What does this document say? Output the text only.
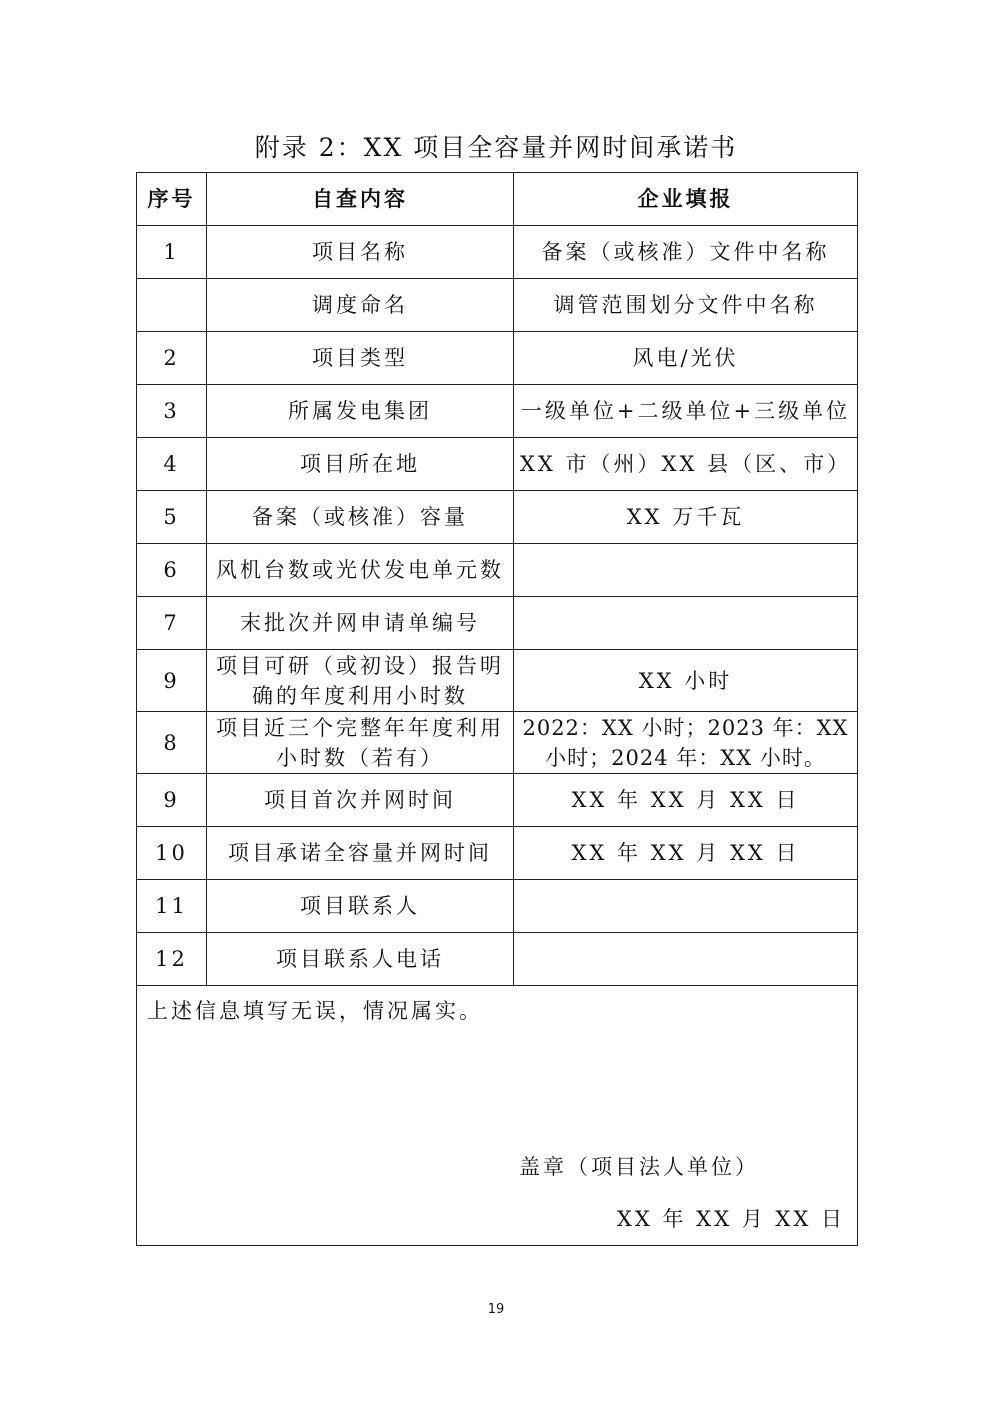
附录 2：XX 项目全容量并网时间承诺书
序号	自查内容	企业填报
1	项目名称	备案（或核准）文件中名称
	调度命名	调管范围划分文件中名称
2	项目类型	风电/光伏
3	所属发电集团	一级单位+二级单位+三级单位
4	项目所在地	XX 市（州）XX 县（区、市）
5	备案（或核准）容量	XX 万千瓦
6	风机台数或光伏发电单元数	
7	末批次并网申请单编号	
9	项目可研（或初设）报告明确的年度利用小时数	XX 小时
8	项目近三个完整年年度利用小时数（若有）	2022：XX 小时；2023 年：XX 小时；2024 年：XX 小时。
9	项目首次并网时间	XX 年 XX 月 XX 日
10	项目承诺全容量并网时间	XX 年 XX 月 XX 日
11	项目联系人	
12	项目联系人电话	

上述信息填写无误，情况属实。
盖章（项目法人单位）
XX 年 XX 月 XX 日		
19
